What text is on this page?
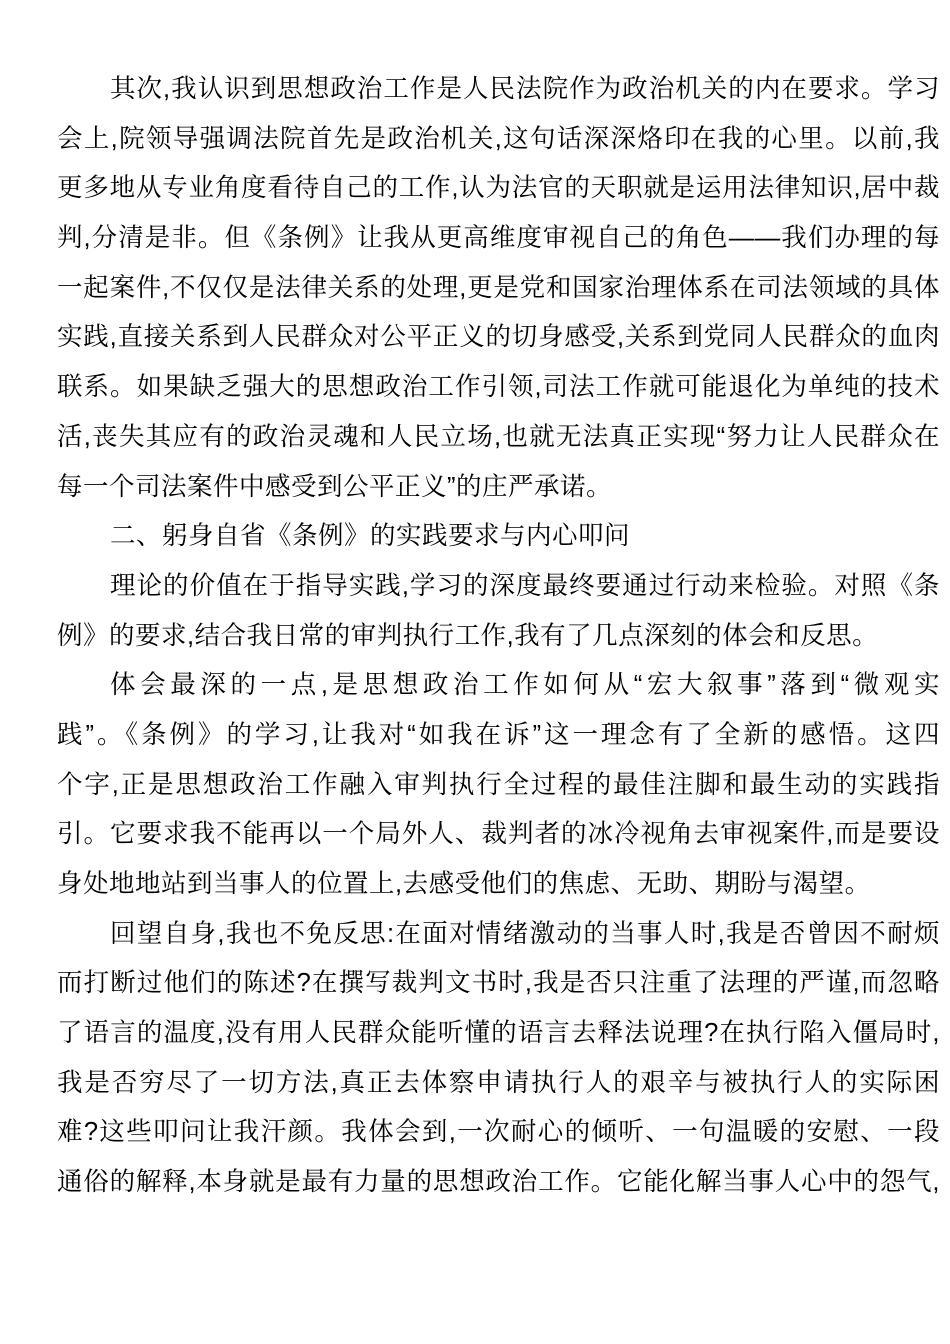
其次,我认识到思想政治工作是人民法院作为政治机关的内在要求。学习
会上,院领导强调法院首先是政治机关,这句话深深烙印在我的心里。以前,我
更多地从专业角度看待自己的工作,认为法官的天职就是运用法律知识,居中裁
判,分清是非。但《条例》让我从更高维度审视自己的角色——我们办理的每
一起案件,不仅仅是法律关系的处理,更是党和国家治理体系在司法领域的具体
实践,直接关系到人民群众对公平正义的切身感受,关系到党同人民群众的血肉
联系。如果缺乏强大的思想政治工作引领,司法工作就可能退化为单纯的技术
活,丧失其应有的政治灵魂和人民立场,也就无法真正实现“努力让人民群众在
每一个司法案件中感受到公平正义”的庄严承诺。
二、躬身自省《条例》的实践要求与内心叩问
理论的价值在于指导实践,学习的深度最终要通过行动来检验。对照《条
例》的要求,结合我日常的审判执行工作,我有了几点深刻的体会和反思。
体会最深的一点,是思想政治工作如何从“宏大叙事”落到“微观实
践”。《条例》的学习,让我对“如我在诉”这一理念有了全新的感悟。这四
个字,正是思想政治工作融入审判执行全过程的最佳注脚和最生动的实践指
引。它要求我不能再以一个局外人、裁判者的冰冷视角去审视案件,而是要设
身处地地站到当事人的位置上,去感受他们的焦虑、无助、期盼与渴望。
回望自身,我也不免反思:在面对情绪激动的当事人时,我是否曾因不耐烦
而打断过他们的陈述?在撰写裁判文书时,我是否只注重了法理的严谨,而忽略
了语言的温度,没有用人民群众能听懂的语言去释法说理?在执行陷入僵局时,
我是否穷尽了一切方法,真正去体察申请执行人的艰辛与被执行人的实际困
难?这些叩问让我汗颜。我体会到,一次耐心的倾听、一句温暖的安慰、一段
通俗的解释,本身就是最有力量的思想政治工作。它能化解当事人心中的怨气,
